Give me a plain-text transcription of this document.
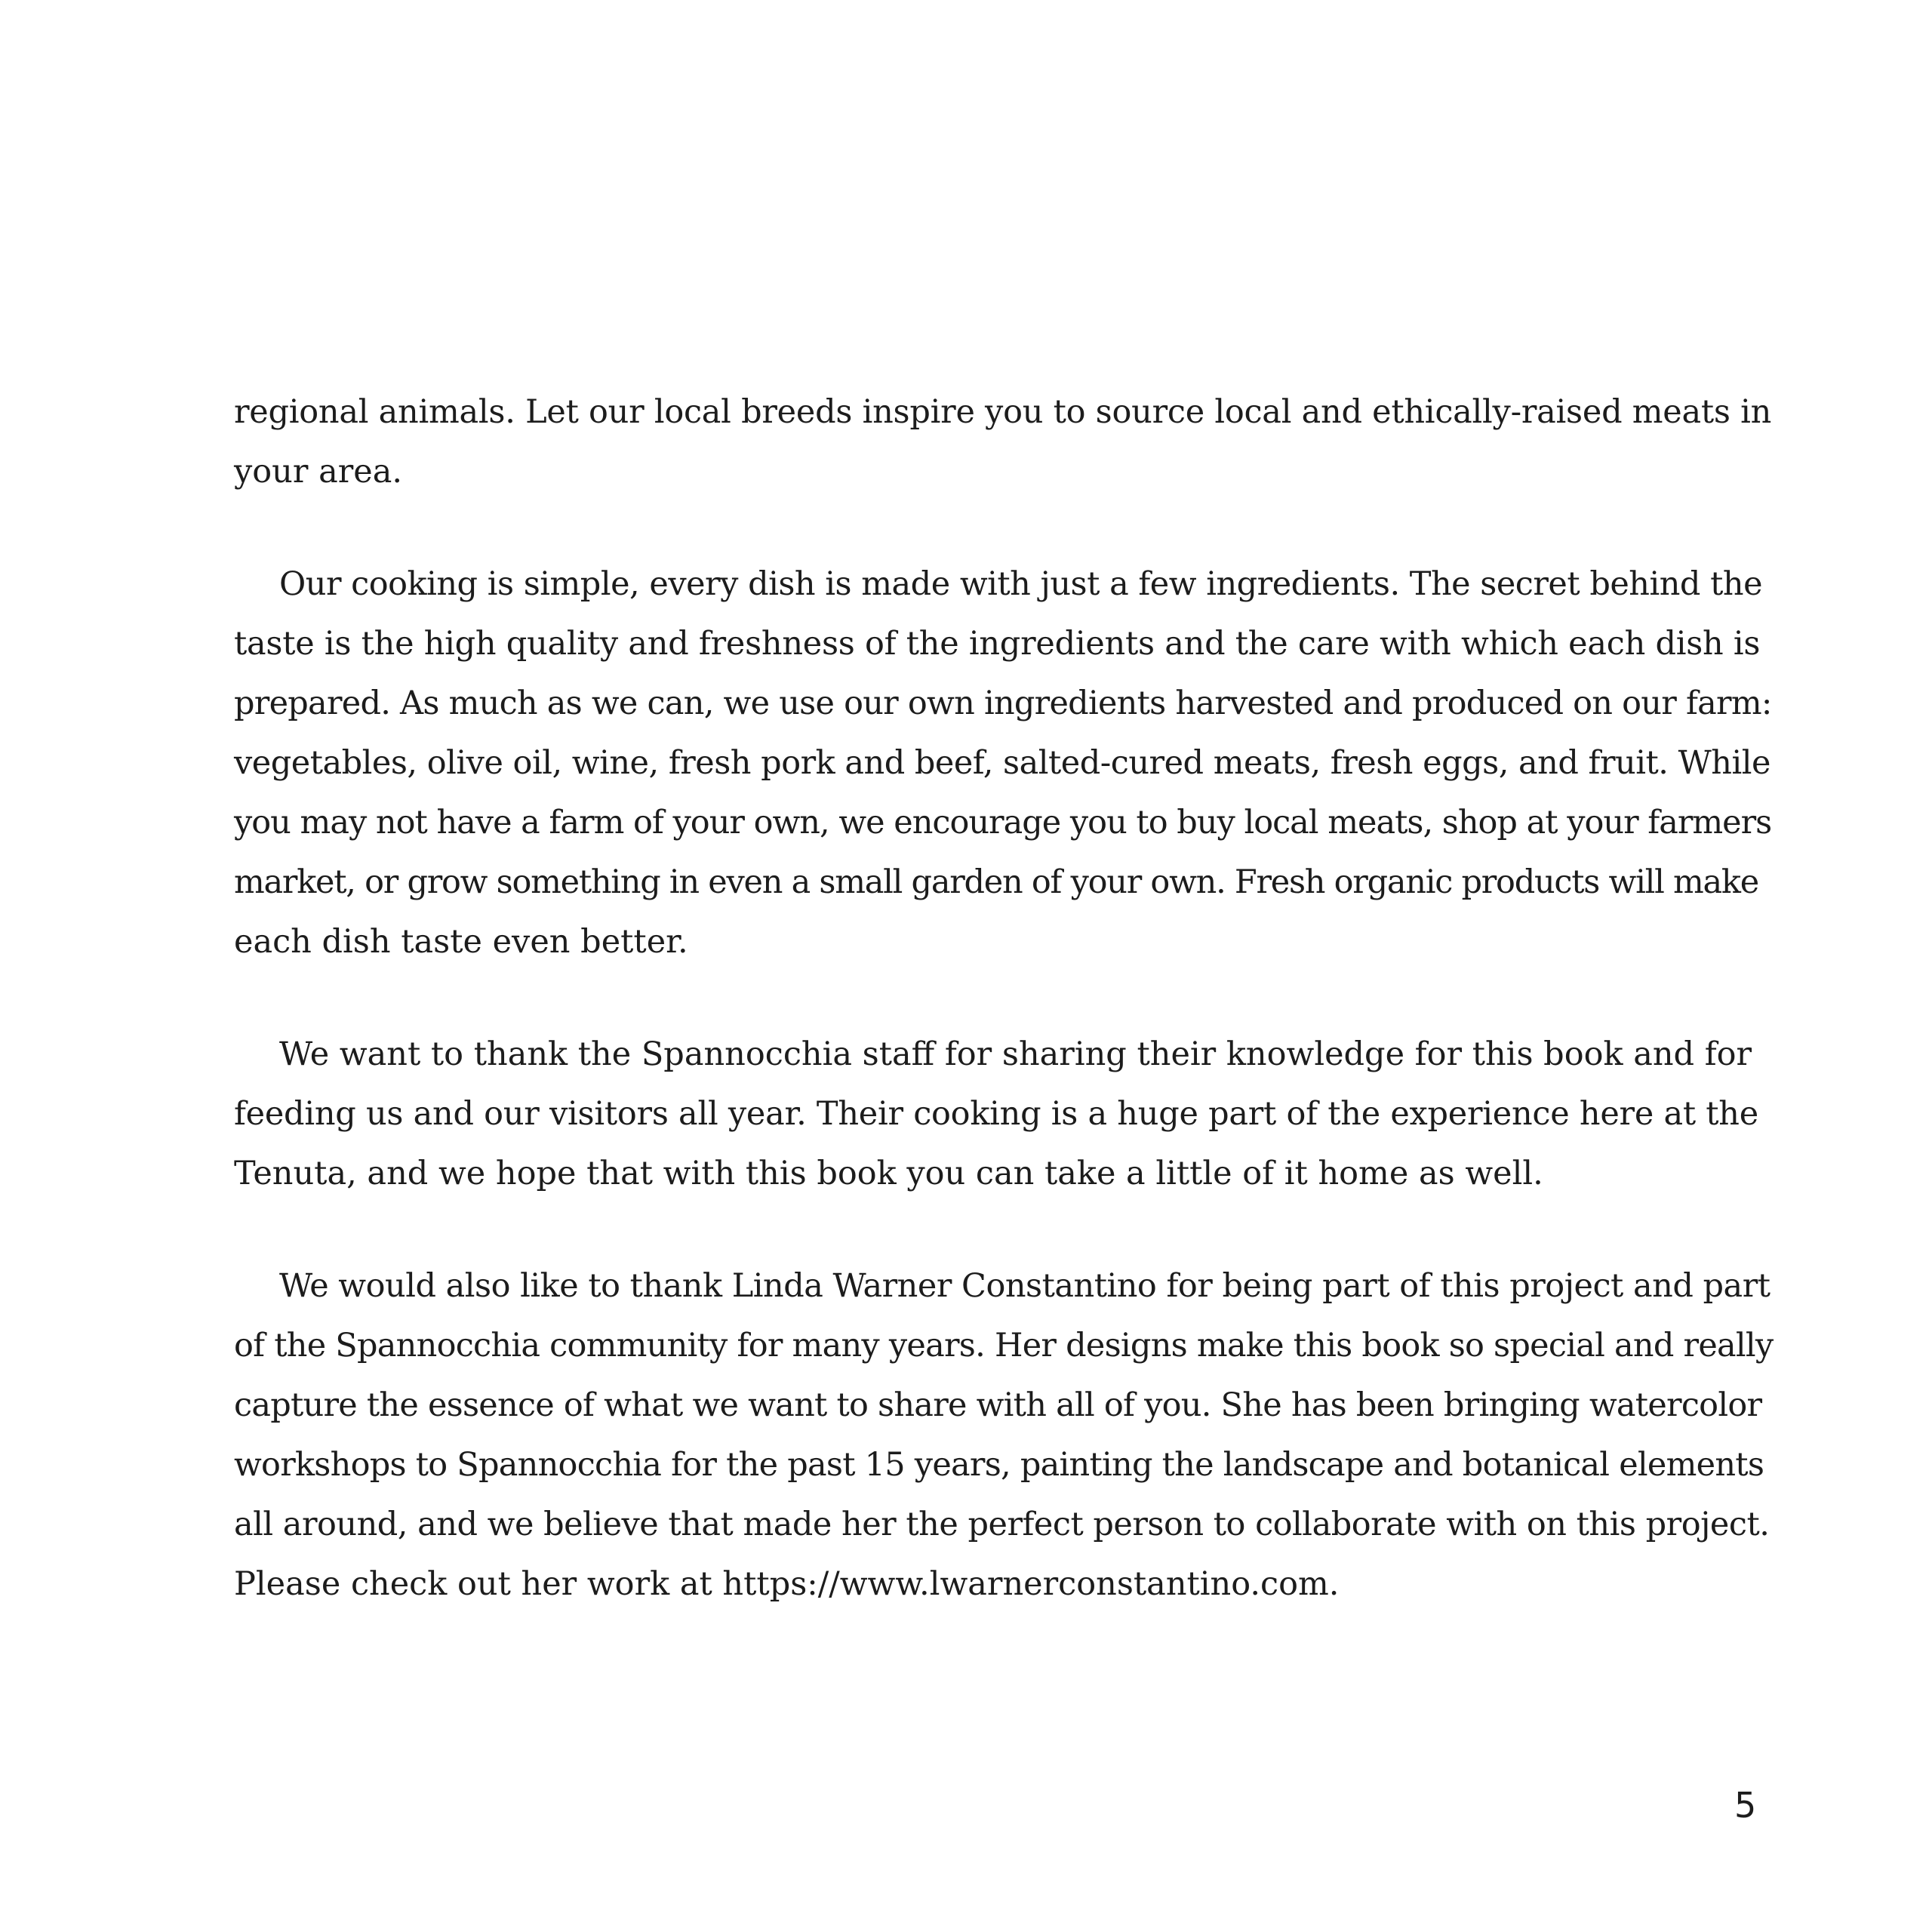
regional animals. Let our local breeds inspire you to source local and ethically-raised meats in
your area.
Our cooking is simple, every dish is made with just a few ingredients. The secret behind the
taste is the high quality and freshness of the ingredients and the care with which each dish is
prepared. As much as we can, we use our own ingredients harvested and produced on our farm:
vegetables, olive oil, wine, fresh pork and beef, salted-cured meats, fresh eggs, and fruit. While
you may not have a farm of your own, we encourage you to buy local meats, shop at your farmers
market, or grow something in even a small garden of your own. Fresh organic products will make
each dish taste even better.
We want to thank the Spannocchia staff for sharing their knowledge for this book and for
feeding us and our visitors all year. Their cooking is a huge part of the experience here at the
Tenuta, and we hope that with this book you can take a little of it home as well.
We would also like to thank Linda Warner Constantino for being part of this project and part
of the Spannocchia community for many years. Her designs make this book so special and really
capture the essence of what we want to share with all of you. She has been bringing watercolor
workshops to Spannocchia for the past 15 years, painting the landscape and botanical elements
all around, and we believe that made her the perfect person to collaborate with on this project.
Please check out her work at https://www.lwarnerconstantino.com.
5
